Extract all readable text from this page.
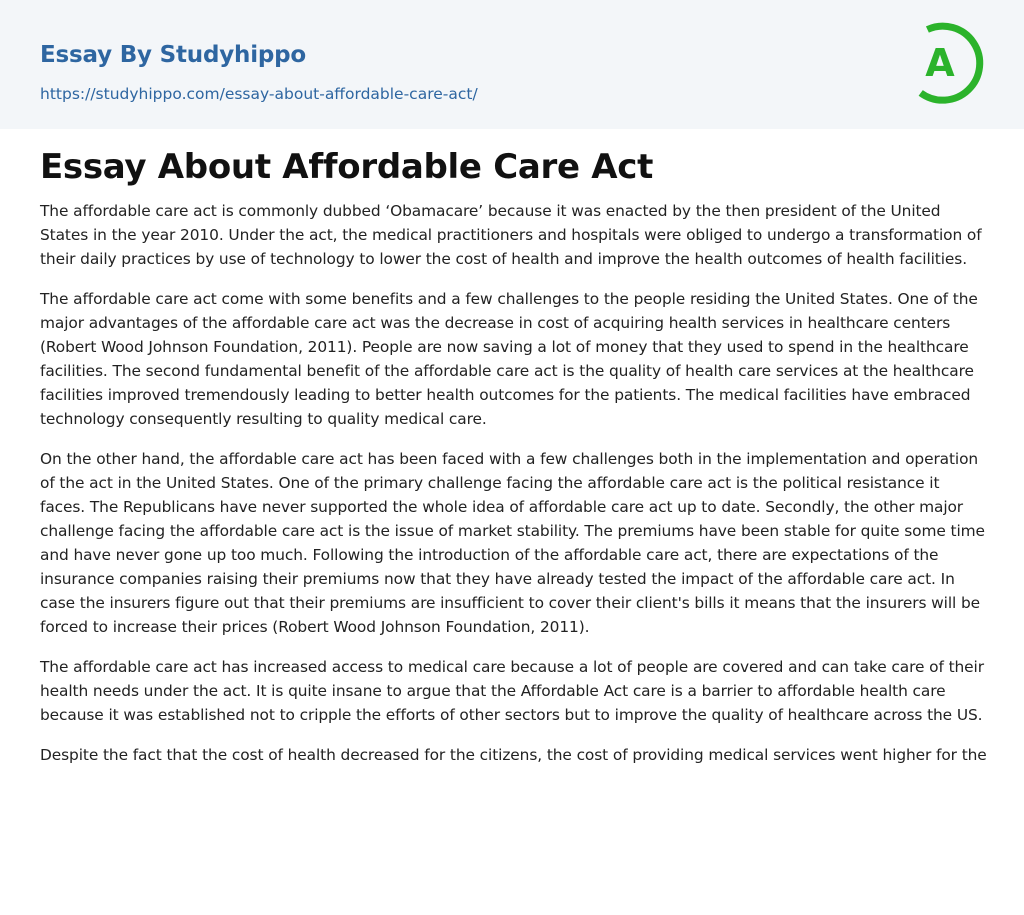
Essay By Studyhippo
https://studyhippo.com/essay-about-affordable-care-act/
A
Essay About Affordable Care Act

The affordable care act is commonly dubbed ‘Obamacare’ because it was enacted by the then president of the United States in the year 2010. Under the act, the medical practitioners and hospitals were obliged to undergo a transformation of their daily practices by use of technology to lower the cost of health and improve the health outcomes of health facilities.

The affordable care act come with some benefits and a few challenges to the people residing the United States. One of the major advantages of the affordable care act was the decrease in cost of acquiring health services in healthcare centers (Robert Wood Johnson Foundation, 2011). People are now saving a lot of money that they used to spend in the healthcare facilities. The second fundamental benefit of the affordable care act is the quality of health care services at the healthcare facilities improved tremendously leading to better health outcomes for the patients. The medical facilities have embraced technology consequently resulting to quality medical care.

On the other hand, the affordable care act has been faced with a few challenges both in the implementation and operation of the act in the United States. One of the primary challenge facing the affordable care act is the political resistance it faces. The Republicans have never supported the whole idea of affordable care act up to date. Secondly, the other major challenge facing the affordable care act is the issue of market stability. The premiums have been stable for quite some time and have never gone up too much. Following the introduction of the affordable care act, there are expectations of the insurance companies raising their premiums now that they have already tested the impact of the affordable care act. In case the insurers figure out that their premiums are insufficient to cover their client's bills it means that the insurers will be forced to increase their prices (Robert Wood Johnson Foundation, 2011).

The affordable care act has increased access to medical care because a lot of people are covered and can take care of their health needs under the act. It is quite insane to argue that the Affordable Act care is a barrier to affordable health care because it was established not to cripple the efforts of other sectors but to improve the quality of healthcare across the US.

Despite the fact that the cost of health decreased for the citizens, the cost of providing medical services went higher for the
